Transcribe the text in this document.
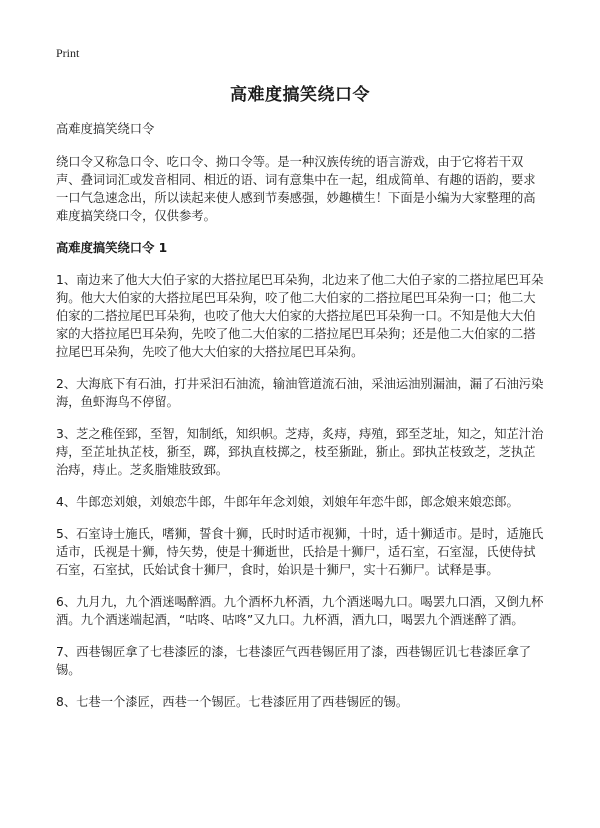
Print
高难度搞笑绕口令

高难度搞笑绕口令

绕口令又称急口令、吃口令、拗口令等。是一种汉族传统的语言游戏，由于它将若干双声、叠词词汇或发音相同、相近的语、词有意集中在一起，组成简单、有趣的语韵，要求一口气急速念出，所以读起来使人感到节奏感强，妙趣横生！下面是小编为大家整理的高难度搞笑绕口令，仅供参考。

高难度搞笑绕口令 1

1、南边来了他大大伯子家的大搭拉尾巴耳朵狗，北边来了他二大伯子家的二搭拉尾巴耳朵狗。他大大伯家的大搭拉尾巴耳朵狗，咬了他二大伯家的二搭拉尾巴耳朵狗一口；他二大伯家的二搭拉尾巴耳朵狗，也咬了他大大伯家的大搭拉尾巴耳朵狗一口。不知是他大大伯家的大搭拉尾巴耳朵狗，先咬了他二大伯家的二搭拉尾巴耳朵狗；还是他二大伯家的二搭拉尾巴耳朵狗，先咬了他大大伯家的大搭拉尾巴耳朵狗。

2、大海底下有石油，打井采汩石油流，输油管道流石油，采油运油别漏油，漏了石油污染海，鱼虾海鸟不停留。

3、芝之稚侄郅，至智，知制纸，知织帜。芝痔，炙痔，痔殖，郅至芝址，知之，知芷汁治痔，至芷址执芷枝，狾至，踯，郅执直枝掷之，枝至狾趾，狾止。郅执芷枝致芝，芝执芷治痔，痔止。芝炙脂雉肢致郅。

4、牛郎恋刘娘，刘娘恋牛郎，牛郎年年念刘娘，刘娘年年恋牛郎，郎念娘来娘恋郎。

5、石室诗士施氏，嗜狮，誓食十狮，氏时时适市视狮，十时，适十狮适市。是时，适施氏适市，氏视是十狮，恃矢势，使是十狮逝世，氏拾是十狮尸，适石室，石室湿，氏使侍拭石室，石室拭，氏始试食十狮尸，食时，始识是十狮尸，实十石狮尸。试释是事。

6、九月九，九个酒迷喝醉酒。九个酒杯九杯酒，九个酒迷喝九口。喝罢九口酒，又倒九杯酒。九个酒迷端起酒，“咕咚、咕咚”又九口。九杯酒，酒九口，喝罢九个酒迷醉了酒。

7、西巷锡匠拿了七巷漆匠的漆，七巷漆匠气西巷锡匠用了漆，西巷锡匠讥七巷漆匠拿了锡。

8、七巷一个漆匠，西巷一个锡匠。七巷漆匠用了西巷锡匠的锡。
